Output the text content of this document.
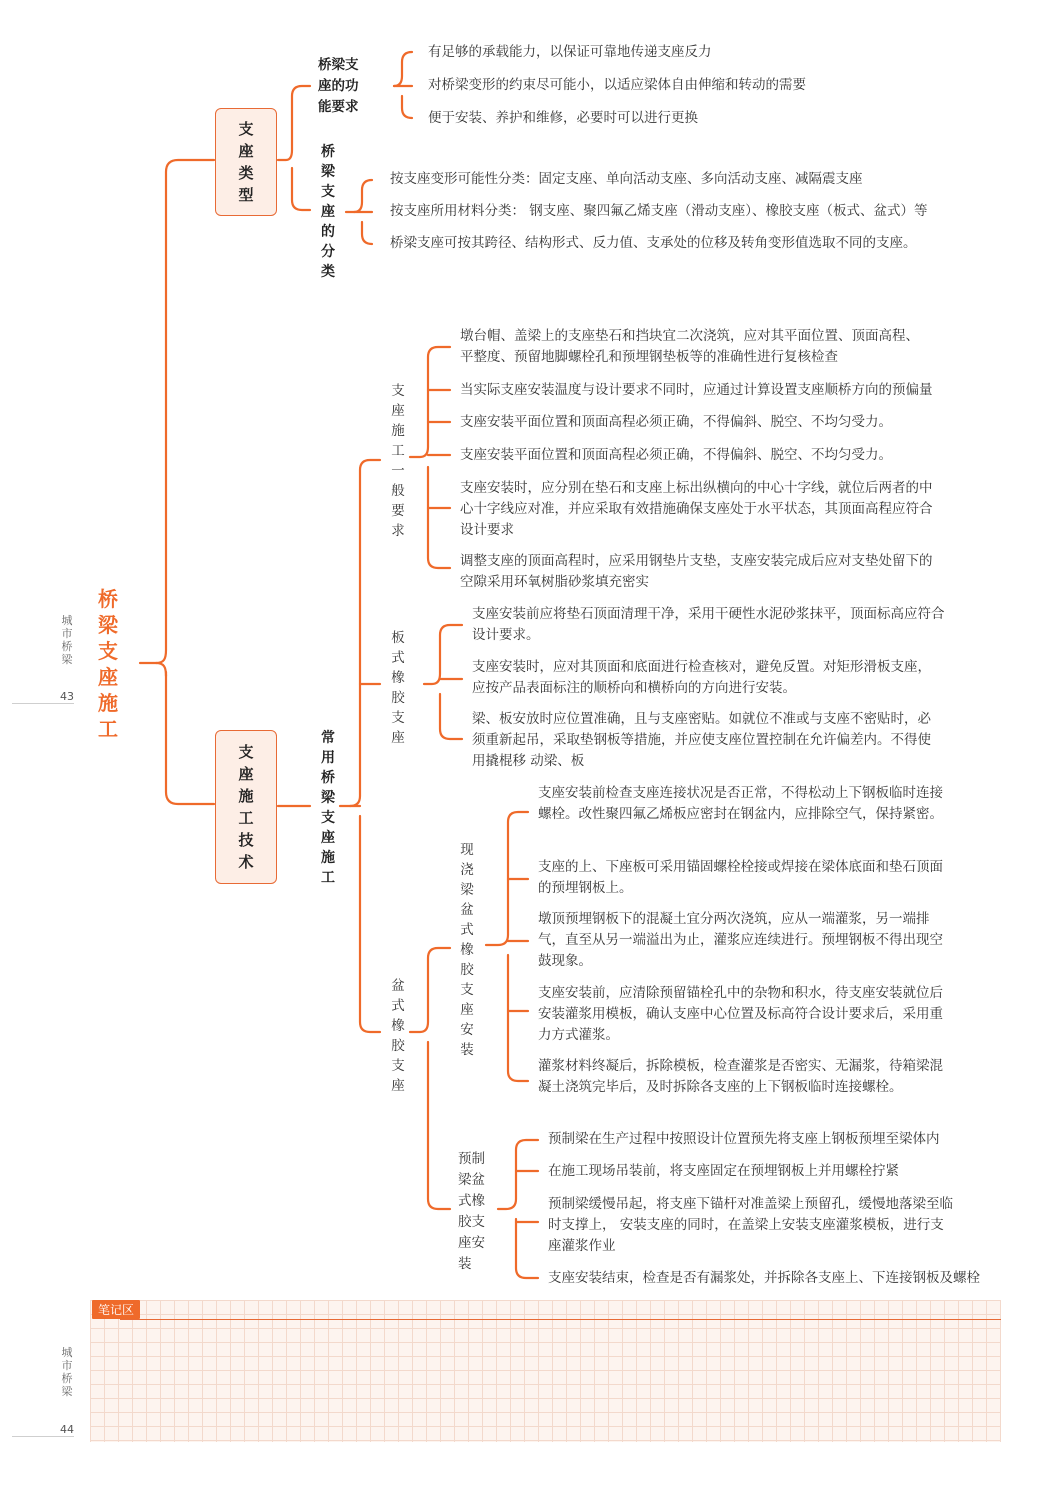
桥梁支座施工
城市桥梁
43
城市桥梁
44
支座类型
桥梁支座的功能要求
桥梁支座的分类
有足够的承载能力，以保证可靠地传递支座反力
对桥梁变形的约束尽可能小，以适应梁体自由伸缩和转动的需要
便于安装、养护和维修，必要时可以进行更换
按支座变形可能性分类：固定支座、单向活动支座、多向活动支座、减隔震支座
按支座所用材料分类： 钢支座、聚四氟乙烯支座（滑动支座）、橡胶支座（板式、盆式）等
桥梁支座可按其跨径、结构形式、反力值、支承处的位移及转角变形值选取不同的支座。
支座施工技术
常用桥梁支座施工
支座施工一般要求
墩台帽、盖梁上的支座垫石和挡块宜二次浇筑，应对其平面位置、顶面高程、 平整度、预留地脚螺栓孔和预埋钢垫板等的准确性进行复核检查
当实际支座安装温度与设计要求不同时，应通过计算设置支座顺桥方向的预偏量
支座安装平面位置和顶面高程必须正确，不得偏斜、脱空、不均匀受力。
支座安装平面位置和顶面高程必须正确，不得偏斜、脱空、不均匀受力。
支座安装时，应分别在垫石和支座上标出纵横向的中心十字线，就位后两者的中心十字线应对准，并应采取有效措施确保支座处于水平状态，其顶面高程应符合设计要求
调整支座的顶面高程时，应采用钢垫片支垫，支座安装完成后应对支垫处留下的空隙采用环氧树脂砂浆填充密实
板式橡胶支座
支座安装前应将垫石顶面清理干净，采用干硬性水泥砂浆抹平，顶面标高应符合设计要求。
支座安装时，应对其顶面和底面进行检查核对，避免反置。对矩形滑板支座， 应按产品表面标注的顺桥向和横桥向的方向进行安装。
梁、板安放时应位置准确，且与支座密贴。如就位不准或与支座不密贴时，必 须重新起吊，采取垫钢板等措施，并应使支座位置控制在允许偏差内。不得使用撬棍移 动梁、板
盆式橡胶支座
现浇梁盆式橡胶支座安装
支座安装前检查支座连接状况是否正常，不得松动上下钢板临时连接螺栓。改性聚四氟乙烯板应密封在钢盆内，应排除空气，保持紧密。
支座的上、下座板可采用锚固螺栓栓接或焊接在梁体底面和垫石顶面的预埋钢板上。
墩顶预埋钢板下的混凝土宜分两次浇筑，应从一端灌浆，另一端排气，直至从另一端溢出为止，灌浆应连续进行。预埋钢板不得出现空鼓现象。
支座安装前，应清除预留锚栓孔中的杂物和积水，待支座安装就位后安装灌浆用模板，确认支座中心位置及标高符合设计要求后，采用重力方式灌浆。
灌浆材料终凝后，拆除模板，检查灌浆是否密实、无漏浆，待箱梁混凝土浇筑完毕后，及时拆除各支座的上下钢板临时连接螺栓。
预制梁盆式橡胶支座安装
预制梁在生产过程中按照设计位置预先将支座上钢板预埋至梁体内
在施工现场吊装前，将支座固定在预埋钢板上并用螺栓拧紧
预制梁缓慢吊起，将支座下锚杆对准盖梁上预留孔，缓慢地落梁至临时支撑上， 安装支座的同时，在盖梁上安装支座灌浆模板，进行支座灌浆作业
支座安装结束，检查是否有漏浆处，并拆除各支座上、下连接钢板及螺栓
笔记区
